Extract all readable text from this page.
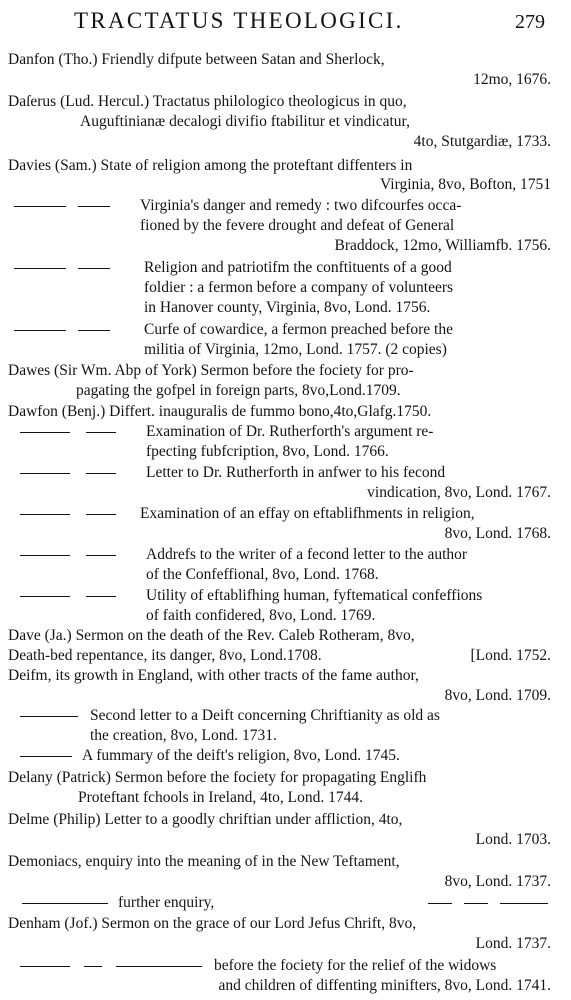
TRACTATUS THEOLOGICI.	279
Danfon (Tho.) Friendly difpute between Satan and Sherlock,
12mo, 1676.
Daſerus (Lud. Hercul.) Tractatus philologico theologicus in quo,
Auguftinianæ decalogi divifio ftabilitur et vindicatur,
4to, Stutgardiæ, 1733.
Davies (Sam.) State of religion among the proteftant diffenters in
Virginia, 8vo, Bofton, 1751
Virginia's danger and remedy : two difcourfes occa-
fioned by the fevere drought and defeat of General
Braddock, 12mo, Williamfb. 1756.
Religion and patriotifm the conftituents of a good
foldier : a fermon before a company of volunteers
in Hanover county, Virginia, 8vo, Lond. 1756.
Curfe of cowardice, a fermon preached before the
militia of Virginia, 12mo, Lond. 1757. (2 copies)
Dawes (Sir Wm. Abp of York) Sermon before the fociety for pro-
pagating the gofpel in foreign parts, 8vo,Lond.1709.
Dawfon (Benj.) Differt. inauguralis de fummo bono,4to,Glafg.1750.
Examination of Dr. Rutherforth's argument re-
fpecting fubfcription, 8vo, Lond. 1766.
Letter to Dr. Rutherforth in anfwer to his fecond
vindication, 8vo, Lond. 1767.
Examination of an effay on eftablifhments in religion,
8vo, Lond. 1768.
Addrefs to the writer of a fecond letter to the author
of the Confeffional, 8vo, Lond. 1768.
Utility of eftablifhing human, fyftematical confeffions
of faith confidered, 8vo, Lond. 1769.
Dave (Ja.) Sermon on the death of the Rev. Caleb Rotheram, 8vo,
Death-bed repentance, its danger, 8vo, Lond.1708.	[Lond. 1752.
Deifm, its growth in England, with other tracts of the fame author,
8vo, Lond. 1709.
Second letter to a Deift concerning Chriftianity as old as
the creation, 8vo, Lond. 1731.
A fummary of the deift's religion, 8vo, Lond. 1745.
Delany (Patrick) Sermon before the fociety for propagating Englifh
Proteftant fchools in Ireland, 4to, Lond. 1744.
Delme (Philip) Letter to a goodly chriftian under affliction, 4to,
Lond. 1703.
Demoniacs, enquiry into the meaning of in the New Teftament,
8vo, Lond. 1737.
further enquiry,
Denham (Jof.) Sermon on the grace of our Lord Jefus Chrift, 8vo,
Lond. 1737.
before the fociety for the relief of the widows
and children of diffenting minifters, 8vo, Lond. 1741.
